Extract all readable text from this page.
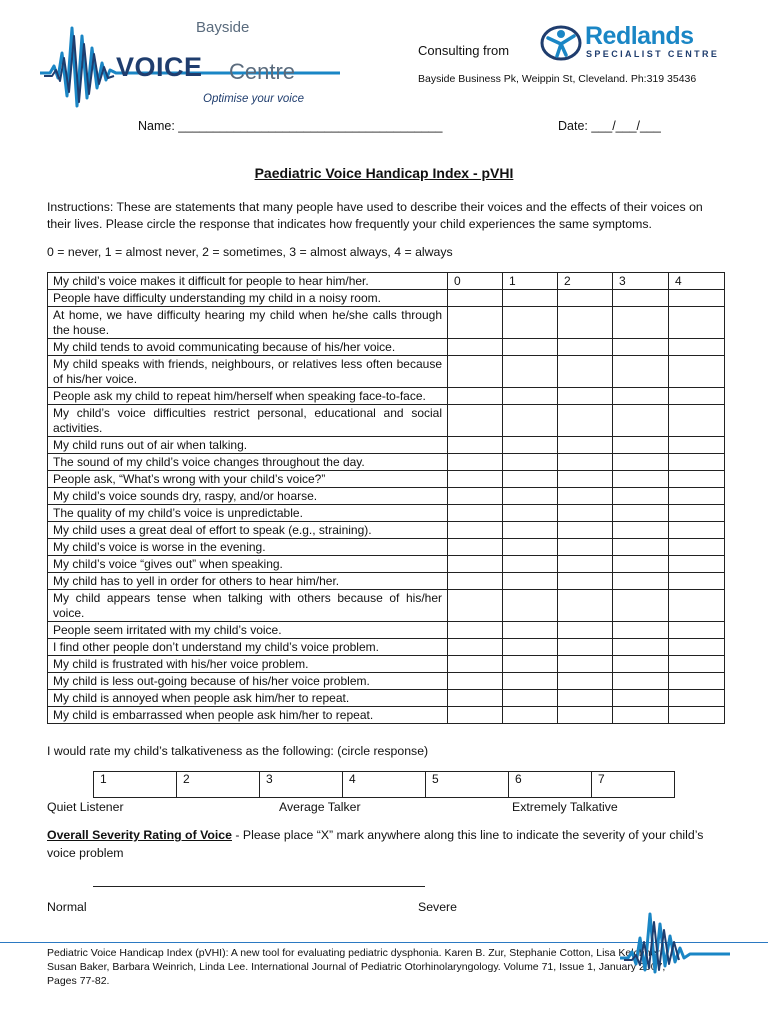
Bayside
VOICE Centre
Optimise your voice
Consulting from
Redlands
SPECIALIST CENTRE
Bayside Business Pk, Weippin St, Cleveland. Ph:319 35436
Name: ______________________________________	Date: ___/___/___
Paediatric Voice Handicap Index - pVHI
Instructions: These are statements that many people have used to describe their voices and the effects of their voices on their lives. Please circle the response that indicates how frequently your child experiences the same symptoms.
0 = never, 1 = almost never, 2 = sometimes, 3 = almost always, 4 = always
My child’s voice makes it difficult for people to hear him/her.	0	1	2	3	4
People have difficulty understanding my child in a noisy room.					
At home, we have difficulty hearing my child when he/she calls through the house.					
My child tends to avoid communicating because of his/her voice.					
My child speaks with friends, neighbours, or relatives less often because of his/her voice.					
People ask my child to repeat him/herself when speaking face-to-face.					
My child’s voice difficulties restrict personal, educational and social activities.					
My child runs out of air when talking.					
The sound of my child’s voice changes throughout the day.					
People ask, “What’s wrong with your child’s voice?”					
My child’s voice sounds dry, raspy, and/or hoarse.					
The quality of my child’s voice is unpredictable.					
My child uses a great deal of effort to speak (e.g., straining).					
My child’s voice is worse in the evening.					
My child’s voice “gives out” when speaking.					
My child has to yell in order for others to hear him/her.					
My child appears tense when talking with others because of his/her voice.					
People seem irritated with my child’s voice.					
I find other people don’t understand my child’s voice problem.					
My child is frustrated with his/her voice problem.					
My child is less out-going because of his/her voice problem.					
My child is annoyed when people ask him/her to repeat.					
My child is embarrassed when people ask him/her to repeat.					
I would rate my child’s talkativeness as the following: (circle response)
1	2	3	4	5	6	7
Quiet Listener	Average Talker	Extremely Talkative
Overall Severity Rating of Voice - Please place “X” mark anywhere along this line to indicate the severity of your child’s voice problem
Normal	Severe
Pediatric Voice Handicap Index (pVHI): A new tool for evaluating pediatric dysphonia. Karen B. Zur, Stephanie Cotton, Lisa Kelchner, Susan Baker, Barbara Weinrich, Linda Lee. International Journal of Pediatric Otorhinolaryngology. Volume 71, Issue 1, January 2007, Pages 77-82.
